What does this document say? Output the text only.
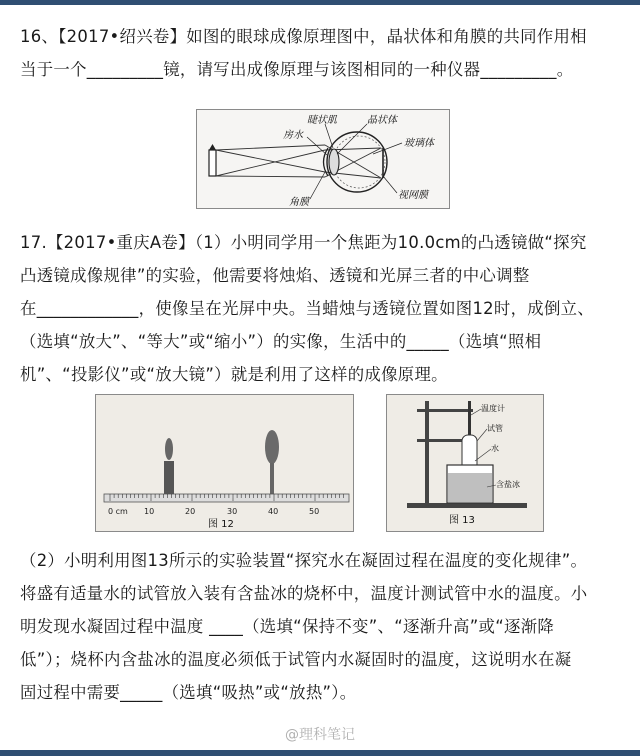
16、【2017•绍兴卷】如图的眼球成像原理图中，晶状体和角膜的共同作用相
当于一个_________镜，请写出成像原理与该图相同的一种仪器_________。
睫状肌
房水
晶状体
玻璃体
角膜
视网膜
17.【2017•重庆A卷】（1）小明同学用一个焦距为10.0cm的凸透镜做“探究
凸透镜成像规律”的实验，他需要将烛焰、透镜和光屏三者的中心调整
在____________，使像呈在光屏中央。当蜡烛与透镜位置如图12时，成倒立、
（选填“放大”、“等大”或“缩小”）的实像，生活中的_____（选填“照相
机”、“投影仪”或“放大镜”）就是利用了这样的成像原理。
0 cm 10	20	30	40	50
图 12
温度计
试管
水
含盐冰
图 13
（2）小明利用图13所示的实验装置“探究水在凝固过程在温度的变化规律”。
将盛有适量水的试管放入装有含盐冰的烧杯中，温度计测试管中水的温度。小
明发现水凝固过程中温度 ____（选填“保持不变”、“逐渐升高”或“逐渐降
低”）；烧杯内含盐冰的温度必须低于试管内水凝固时的温度，这说明水在凝
固过程中需要_____（选填“吸热”或“放热”）。
@理科笔记
